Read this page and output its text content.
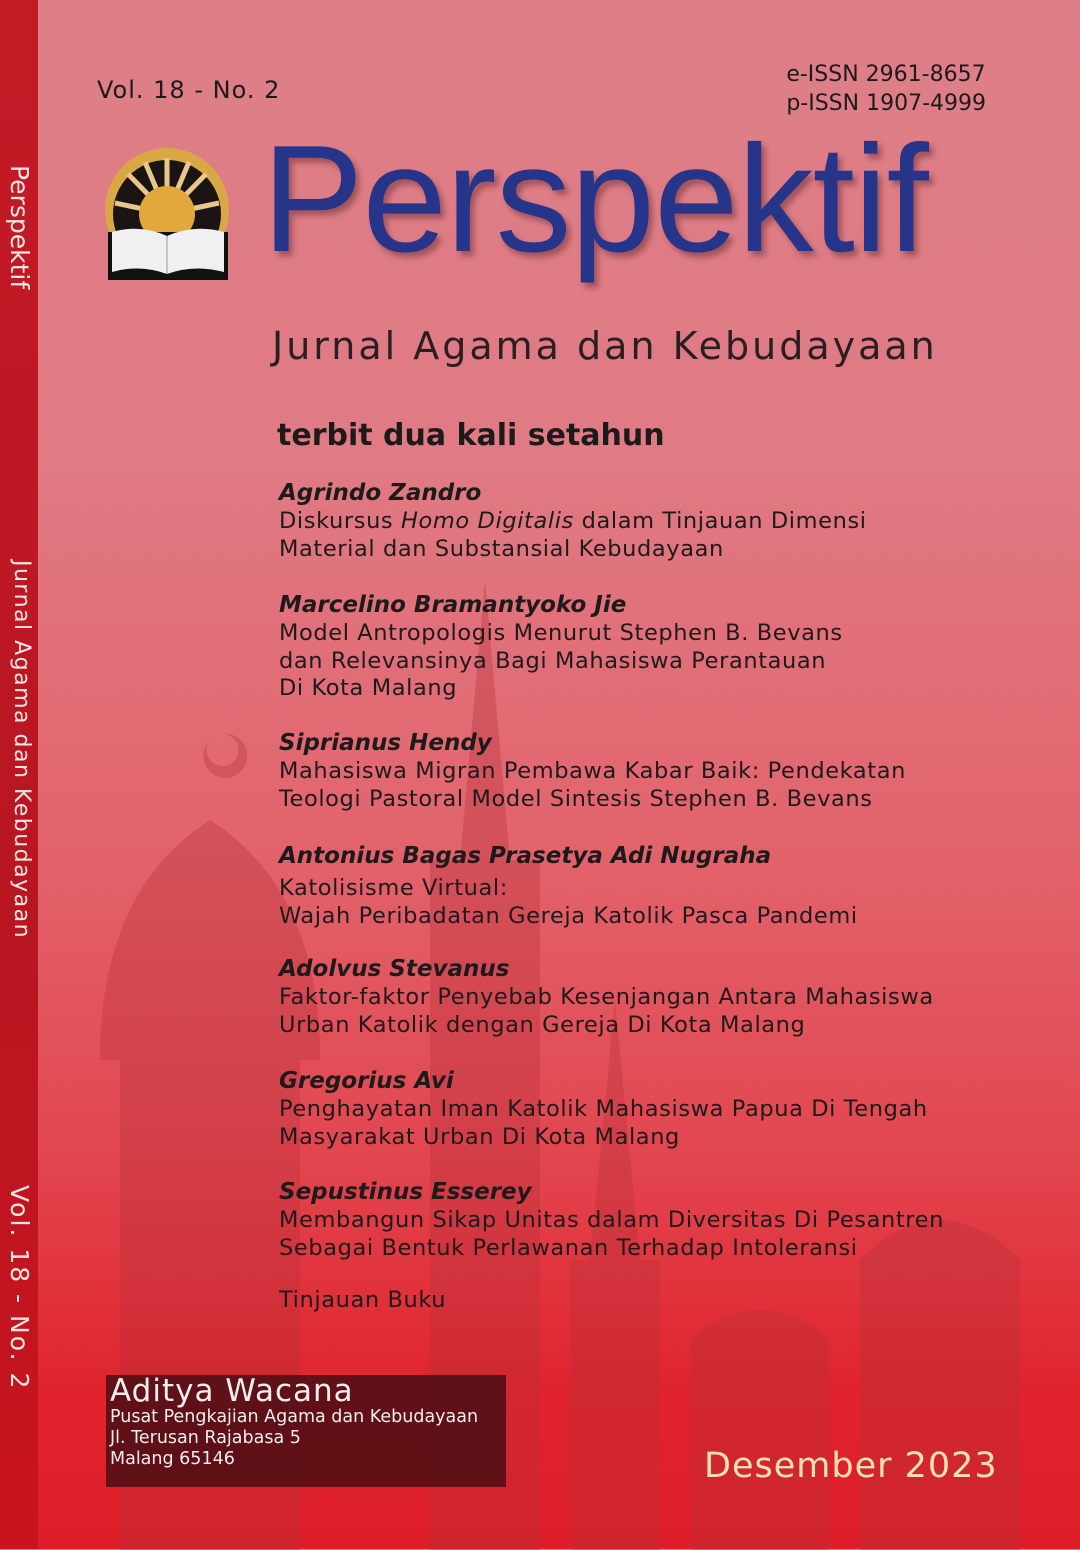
Perspektif
Jurnal Agama dan Kebudayaan
Vol. 18 - No. 2
Vol. 18 - No. 2
e-ISSN 2961-8657
p-ISSN 1907-4999
Perspektif
Jurnal Agama dan Kebudayaan
terbit dua kali setahun
Agrindo Zandro
Diskursus Homo Digitalis dalam Tinjauan Dimensi
Material dan Substansial Kebudayaan
Marcelino Bramantyoko Jie
Model Antropologis Menurut Stephen B. Bevans
dan Relevansinya Bagi Mahasiswa Perantauan
Di Kota Malang
Siprianus Hendy
Mahasiswa Migran Pembawa Kabar Baik: Pendekatan
Teologi Pastoral Model Sintesis Stephen B. Bevans
Antonius Bagas Prasetya Adi Nugraha
Katolisisme Virtual:
Wajah Peribadatan Gereja Katolik Pasca Pandemi
Adolvus Stevanus
Faktor-faktor Penyebab Kesenjangan Antara Mahasiswa
Urban Katolik dengan Gereja Di Kota Malang
Gregorius Avi
Penghayatan Iman Katolik Mahasiswa Papua Di Tengah
Masyarakat Urban Di Kota Malang
Sepustinus Esserey
Membangun Sikap Unitas dalam Diversitas Di Pesantren
Sebagai Bentuk Perlawanan Terhadap Intoleransi
Tinjauan Buku
Aditya Wacana
Pusat Pengkajian Agama dan Kebudayaan
Jl. Terusan Rajabasa 5
Malang 65146	Desember 2023
